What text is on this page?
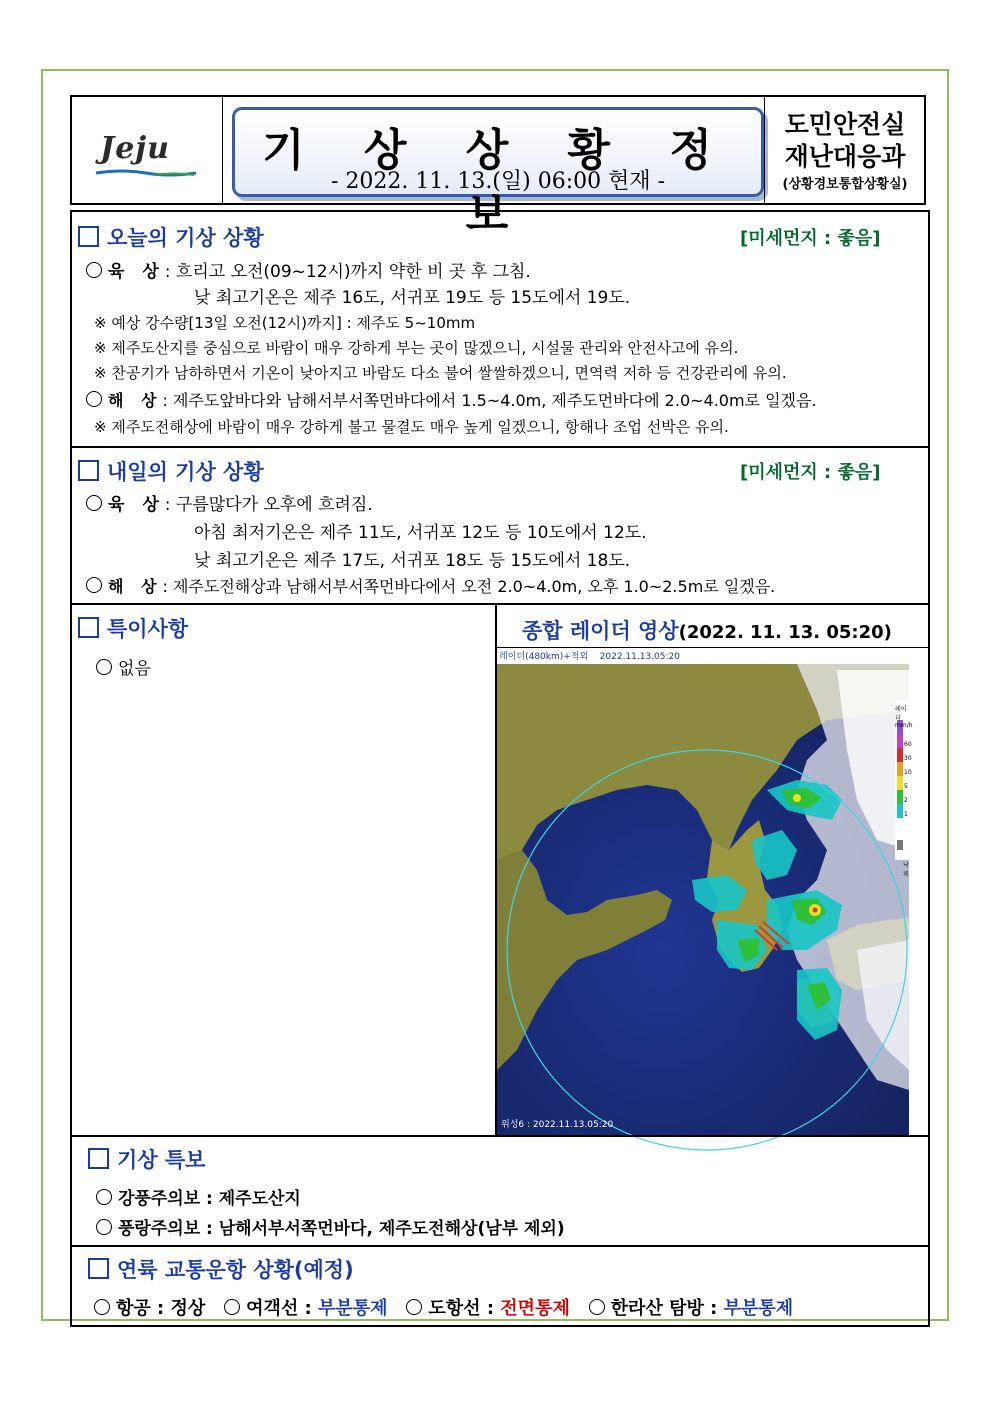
Jeju	기 상 상 황 정 보
- 2022. 11. 13.(일) 06:00 현재 -
도민안전실
재난대응과
(상황경보통합상황실)
오늘의 기상 상황	[미세먼지 : 좋음]
육 상: 흐리고 오전(09~12시)까지 약한 비 곳 후 그침.
낮 최고기온은 제주 16도, 서귀포 19도 등 15도에서 19도.
※ 예상 강수량[13일 오전(12시)까지] : 제주도 5~10mm
※ 제주도산지를 중심으로 바람이 매우 강하게 부는 곳이 많겠으니, 시설물 관리와 안전사고에 유의.
※ 찬공기가 남하하면서 기온이 낮아지고 바람도 다소 불어 쌀쌀하겠으니, 면역력 저하 등 건강관리에 유의.
해 상: 제주도앞바다와 남해서부서쪽먼바다에서 1.5~4.0m, 제주도먼바다에 2.0~4.0m로 일겠음.
※ 제주도전해상에 바람이 매우 강하게 불고 물결도 매우 높게 일겠으니, 항해나 조업 선박은 유의.
내일의 기상 상황	[미세먼지 : 좋음]
육 상: 구름많다가 오후에 흐려짐.
아침 최저기온은 제주 11도, 서귀포 12도 등 10도에서 12도.
낮 최고기온은 제주 17도, 서귀포 18도 등 15도에서 18도.
해 상: 제주도전해상과 남해서부서쪽먼바다에서 오전 2.0~4.0m, 오후 1.0~2.5m로 일겠음.
특이사항
없음
종합 레이더 영상(2022. 11. 13. 05:20)
레이더(480km)+적외 2022.11.13.05:20
레이더
mm/h
60
30
10
5
2
1
낙뢰
위성6 : 2022.11.13.05:20
기상 특보
강풍주의보 : 제주도산지
풍랑주의보 : 남해서부서쪽먼바다, 제주도전해상(남부 제외)
연륙 교통운항 상황(예정)
항공 : 정상 여객선 : 부분통제 도항선 : 전면통제 한라산 탐방 : 부분통제
